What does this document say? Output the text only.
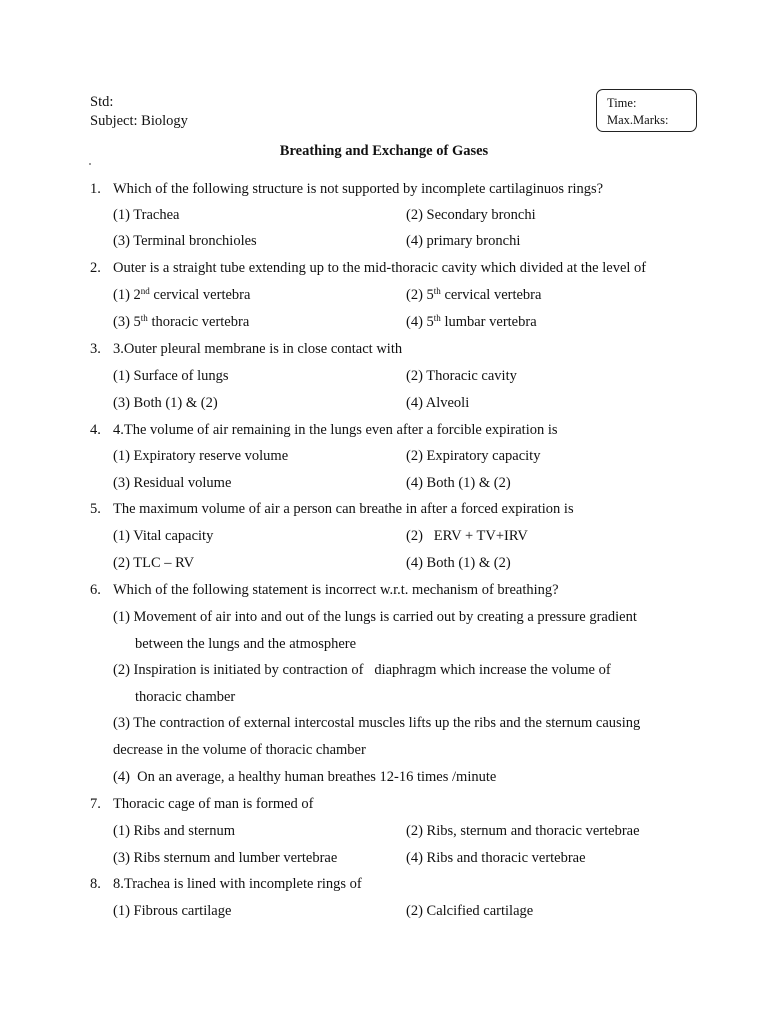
Std:
Subject: Biology
Time:
Max.Marks:
Breathing and Exchange of Gases
1. Which of the following structure is not supported by incomplete cartilaginuos rings?
(1) Trachea	(2) Secondary bronchi
(3) Terminal bronchioles	(4) primary bronchi
2. Outer is a straight tube extending up to the mid-thoracic cavity which divided at the level of
(1) 2nd cervical vertebra	(2) 5th cervical vertebra
(3) 5th thoracic vertebra	(4) 5th lumbar vertebra
3. 3.Outer pleural membrane is in close contact with
(1) Surface of lungs	(2) Thoracic cavity
(3) Both (1) & (2)	(4) Alveoli
4. 4.The volume of air remaining in the lungs even after a forcible expiration is
(1) Expiratory reserve volume	(2) Expiratory capacity
(3) Residual volume	(4) Both (1) & (2)
5. The maximum volume of air a person can breathe in after a forced expiration is
(1) Vital capacity	(2)   ERV + TV+IRV
(2) TLC – RV	(4) Both (1) & (2)
6. Which of the following statement is incorrect w.r.t. mechanism of breathing?
(1) Movement of air into and out of the lungs is carried out by creating a pressure gradient
between the lungs and the atmosphere
(2) Inspiration is initiated by contraction of   diaphragm which increase the volume of
thoracic chamber
(3) The contraction of external intercostal muscles lifts up the ribs and the sternum causing
decrease in the volume of thoracic chamber
(4)  On an average, a healthy human breathes 12-16 times /minute
7. Thoracic cage of man is formed of
(1) Ribs and sternum	(2) Ribs, sternum and thoracic vertebrae
(3) Ribs sternum and lumber vertebrae	(4) Ribs and thoracic vertebrae
8. 8.Trachea is lined with incomplete rings of
(1) Fibrous cartilage	(2) Calcified cartilage
